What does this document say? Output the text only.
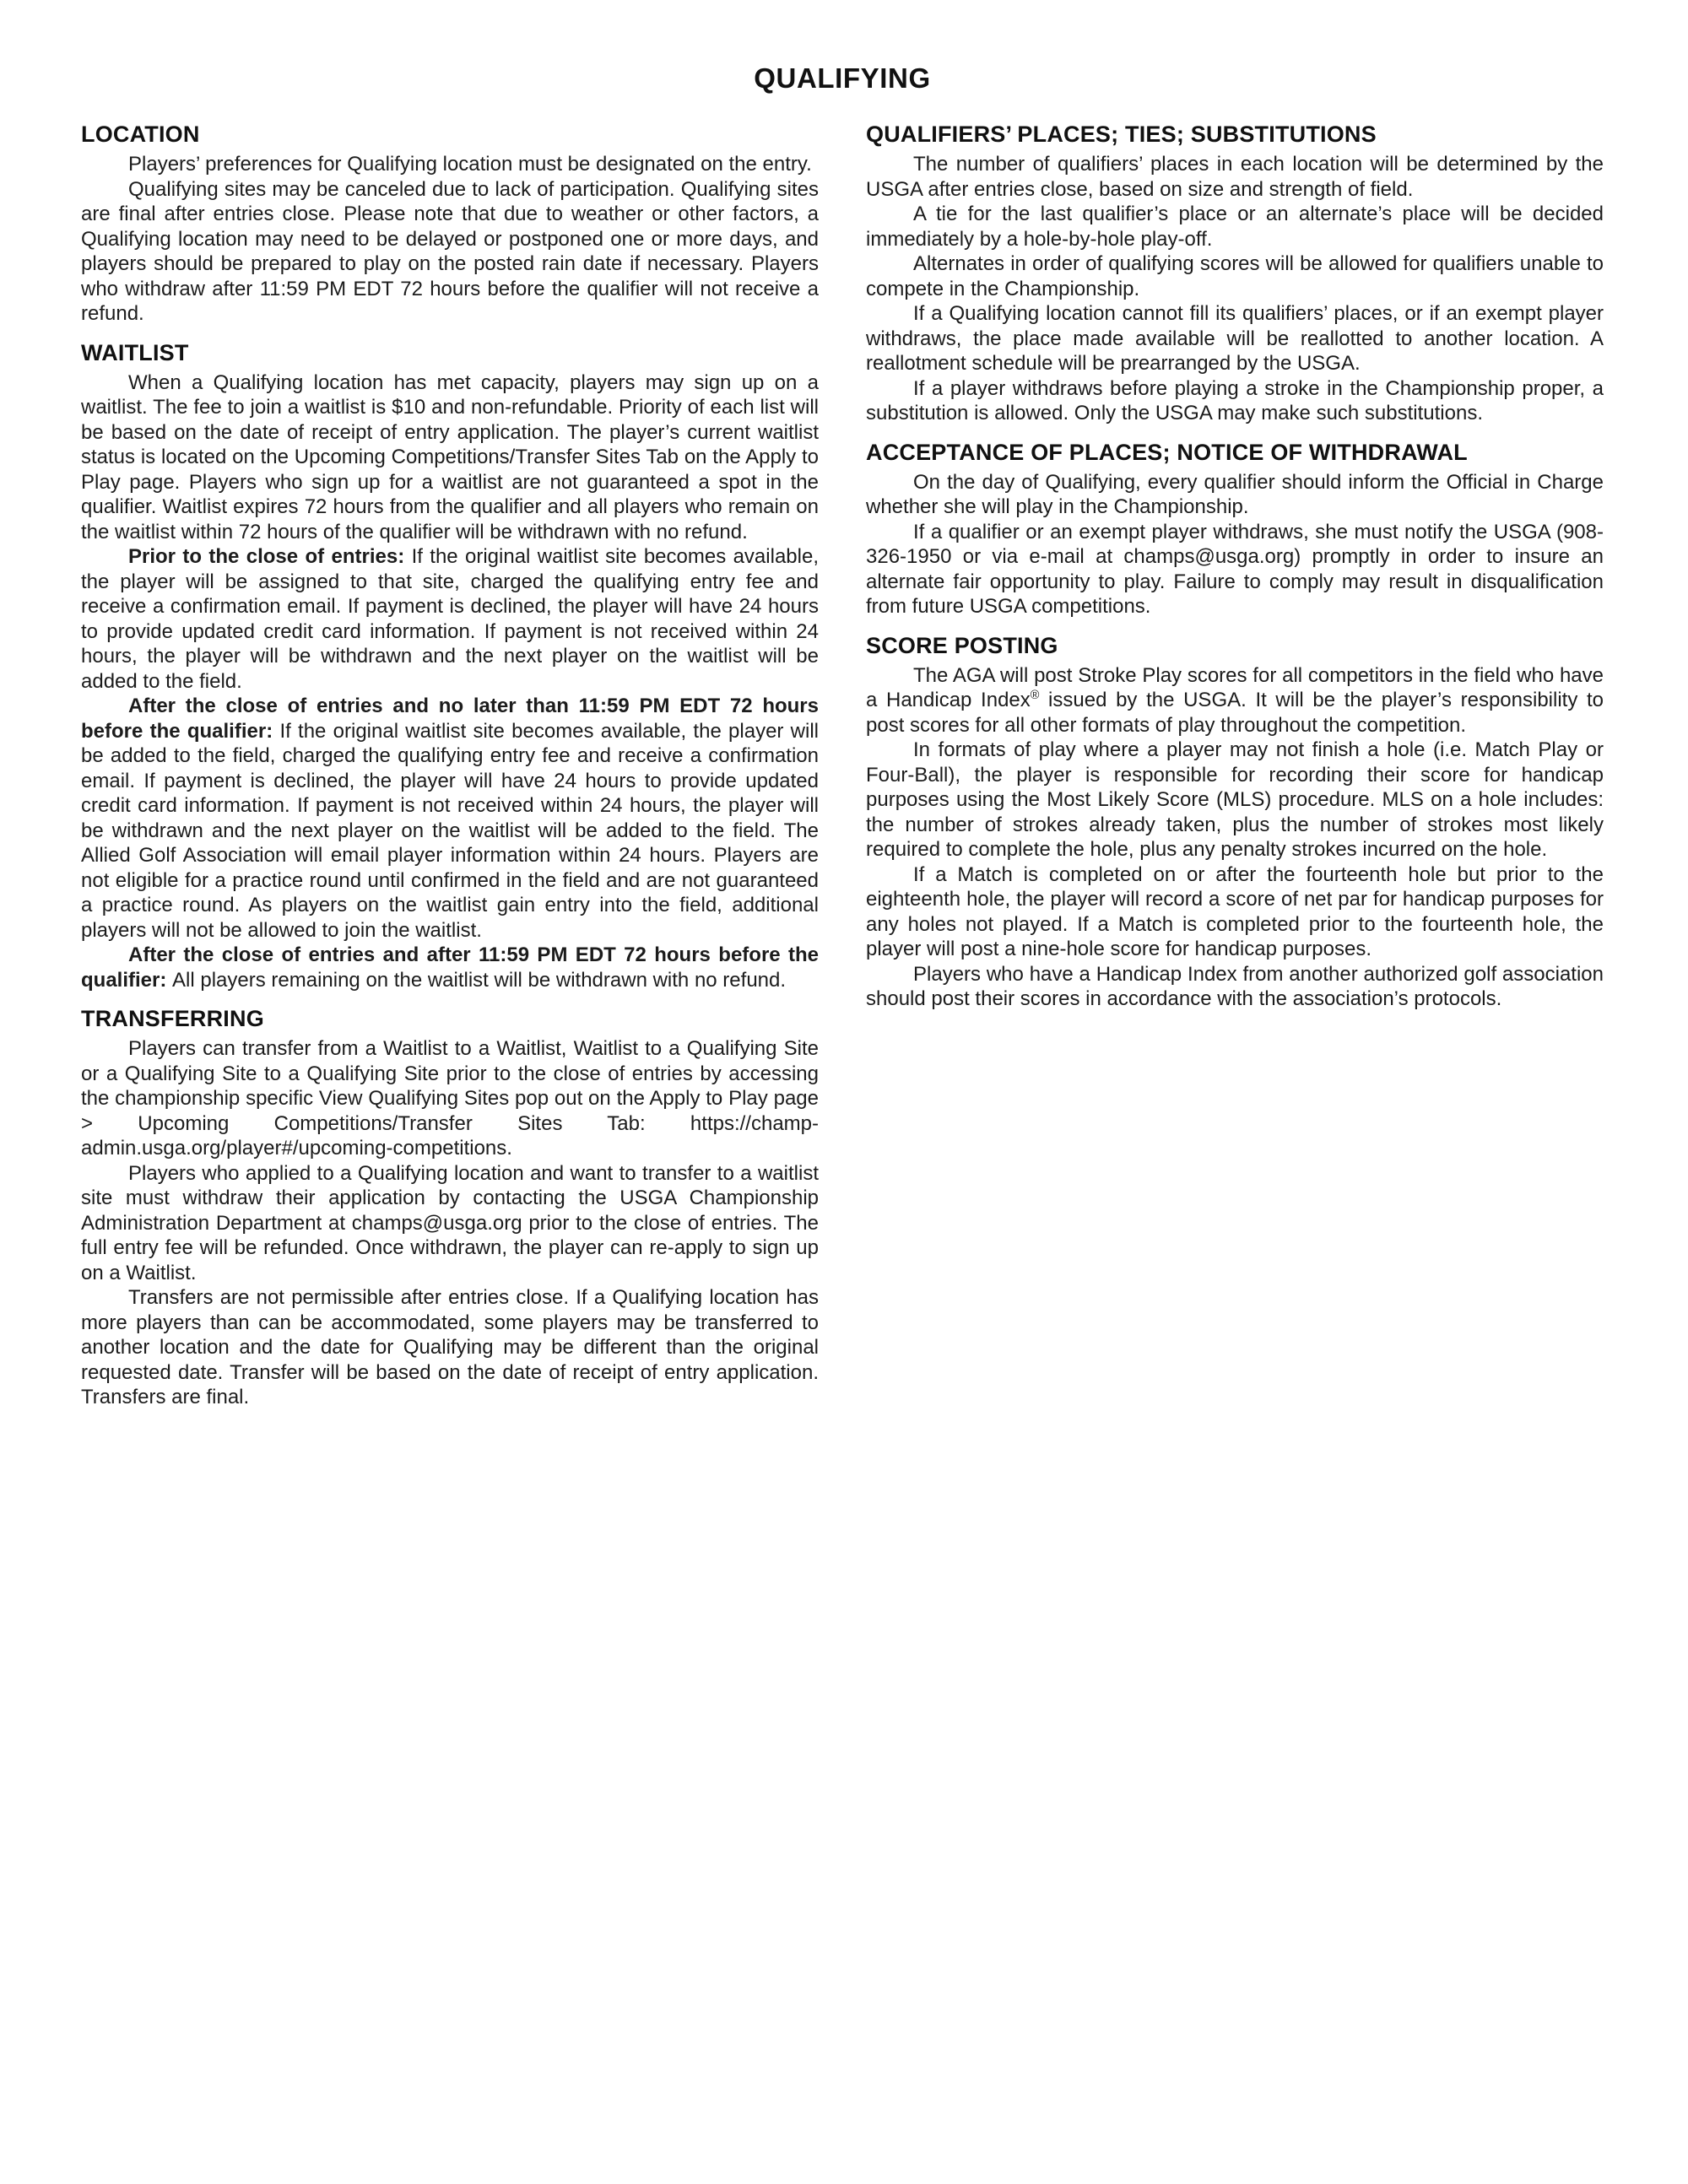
QUALIFYING
LOCATION

Players’ preferences for Qualifying location must be designated on the entry.

Qualifying sites may be canceled due to lack of participation. Qualifying sites are final after entries close. Please note that due to weather or other factors, a Qualifying location may need to be delayed or postponed one or more days, and players should be prepared to play on the posted rain date if necessary. Players who withdraw after 11:59 PM EDT 72 hours before the qualifier will not receive a refund.

WAITLIST

When a Qualifying location has met capacity, players may sign up on a waitlist. The fee to join a waitlist is $10 and non-refundable. Priority of each list will be based on the date of receipt of entry application. The player’s current waitlist status is located on the Upcoming Competitions/Transfer Sites Tab on the Apply to Play page. Players who sign up for a waitlist are not guaranteed a spot in the qualifier. Waitlist expires 72 hours from the qualifier and all players who remain on the waitlist within 72 hours of the qualifier will be withdrawn with no refund.

Prior to the close of entries: If the original waitlist site becomes available, the player will be assigned to that site, charged the qualifying entry fee and receive a confirmation email. If payment is declined, the player will have 24 hours to provide updated credit card information. If payment is not received within 24 hours, the player will be withdrawn and the next player on the waitlist will be added to the field.

After the close of entries and no later than 11:59 PM EDT 72 hours before the qualifier: If the original waitlist site becomes available, the player will be added to the field, charged the qualifying entry fee and receive a confirmation email. If payment is declined, the player will have 24 hours to provide updated credit card information. If payment is not received within 24 hours, the player will be withdrawn and the next player on the waitlist will be added to the field. The Allied Golf Association will email player information within 24 hours. Players are not eligible for a practice round until confirmed in the field and are not guaranteed a practice round. As players on the waitlist gain entry into the field, additional players will not be allowed to join the waitlist.

After the close of entries and after 11:59 PM EDT 72 hours before the qualifier: All players remaining on the waitlist will be withdrawn with no refund.

TRANSFERRING

Players can transfer from a Waitlist to a Waitlist, Waitlist to a Qualifying Site or a Qualifying Site to a Qualifying Site prior to the close of entries by accessing the championship specific View Qualifying Sites pop out on the Apply to Play page > Upcoming Competitions/Transfer Sites Tab: https://champ-admin.usga.org/player#/upcoming-competitions.

Players who applied to a Qualifying location and want to transfer to a waitlist site must withdraw their application by contacting the USGA Championship Administration Department at champs@usga.org prior to the close of entries. The full entry fee will be refunded. Once withdrawn, the player can re-apply to sign up on a Waitlist.

Transfers are not permissible after entries close. If a Qualifying location has more players than can be accommodated, some players may be transferred to another location and the date for Qualifying may be different than the original requested date. Transfer will be based on the date of receipt of entry application. Transfers are final.

QUALIFIERS’ PLACES; TIES; SUBSTITUTIONS

The number of qualifiers’ places in each location will be determined by the USGA after entries close, based on size and strength of field.

A tie for the last qualifier’s place or an alternate’s place will be decided immediately by a hole-by-hole play-off.

Alternates in order of qualifying scores will be allowed for qualifiers unable to compete in the Championship.

If a Qualifying location cannot fill its qualifiers’ places, or if an exempt player withdraws, the place made available will be reallotted to another location. A reallotment schedule will be prearranged by the USGA.

If a player withdraws before playing a stroke in the Championship proper, a substitution is allowed. Only the USGA may make such substitutions.

ACCEPTANCE OF PLACES; NOTICE OF WITHDRAWAL

On the day of Qualifying, every qualifier should inform the Official in Charge whether she will play in the Championship.

If a qualifier or an exempt player withdraws, she must notify the USGA (908-326-1950 or via e-mail at champs@usga.org) promptly in order to insure an alternate fair opportunity to play. Failure to comply may result in disqualification from future USGA competitions.

SCORE POSTING

The AGA will post Stroke Play scores for all competitors in the field who have a Handicap Index® issued by the USGA. It will be the player’s responsibility to post scores for all other formats of play throughout the competition.

In formats of play where a player may not finish a hole (i.e. Match Play or Four-Ball), the player is responsible for recording their score for handicap purposes using the Most Likely Score (MLS) procedure. MLS on a hole includes: the number of strokes already taken, plus the number of strokes most likely required to complete the hole, plus any penalty strokes incurred on the hole.

If a Match is completed on or after the fourteenth hole but prior to the eighteenth hole, the player will record a score of net par for handicap purposes for any holes not played. If a Match is completed prior to the fourteenth hole, the player will post a nine-hole score for handicap purposes.

Players who have a Handicap Index from another authorized golf association should post their scores in accordance with the association’s protocols.
